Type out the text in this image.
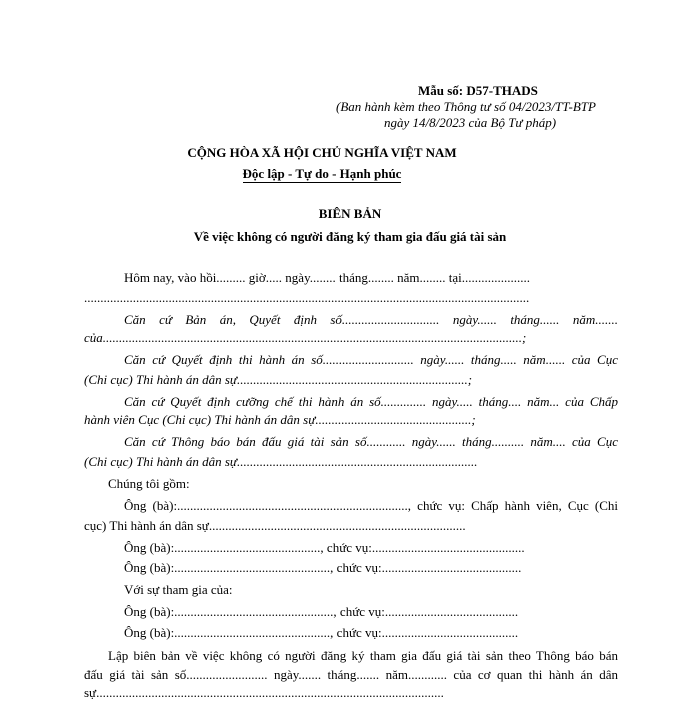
Mẫu số: D57-THADS
(Ban hành kèm theo Thông tư số 04/2023/TT-BTP
ngày 14/8/2023 của Bộ Tư pháp)
CỘNG HÒA XÃ HỘI CHỦ NGHĨA VIỆT NAM
Độc lập - Tự do - Hạnh phúc
BIÊN BẢN
Về việc không có người đăng ký tham gia đấu giá tài sản
Hôm nay, vào hồi......... giờ..... ngày........ tháng........ năm........ tại.....................
.........................................................................................................................................
Căn cứ Bản án, Quyết định số.............................. ngày...... tháng...... năm.......
của.................................................................................................................................;
Căn cứ Quyết định thi hành án số............................ ngày...... tháng..... năm...... của Cục
(Chi cục) Thi hành án dân sự.......................................................................;
Căn cứ Quyết định cưỡng chế thi hành án số.............. ngày..... tháng.... năm... của Chấp
hành viên Cục (Chi cục) Thi hành án dân sự................................................;
Căn cứ Thông báo bán đấu giá tài sản số............ ngày...... tháng.......... năm.... của Cục
(Chi cục) Thi hành án dân sự..........................................................................
Chúng tôi gồm:
Ông (bà):......................................................................., chức vụ: Chấp hành viên, Cục (Chi
cục) Thi hành án dân sự...............................................................................
Ông (bà):............................................., chức vụ:...............................................
Ông (bà):................................................, chức vụ:...........................................
Với sự tham gia của:
Ông (bà):................................................., chức vụ:.........................................
Ông (bà):................................................, chức vụ:..........................................
Lập biên bản về việc không có người đăng ký tham gia đấu giá tài sản theo Thông báo bán
đấu giá tài sản số......................... ngày....... tháng....... năm............ của cơ quan thi hành án dân
sự...........................................................................................................
